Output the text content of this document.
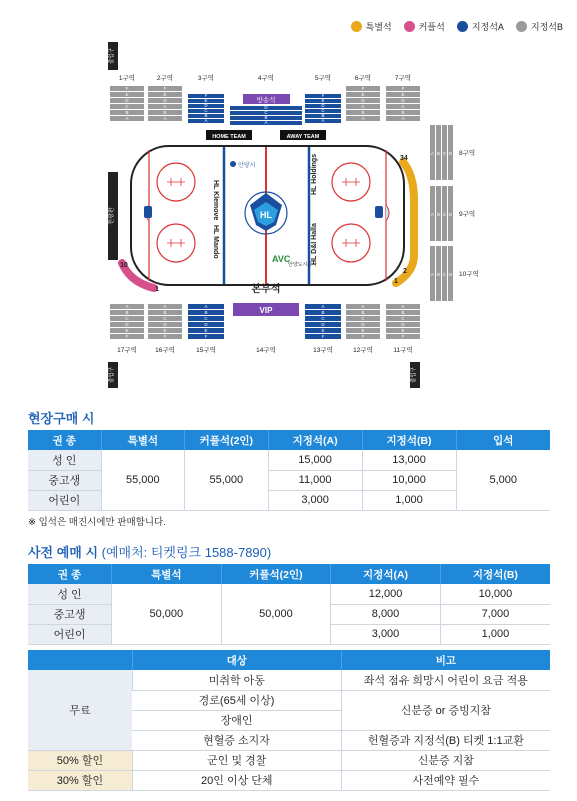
특별석	커플석	지정석A	지정석B
F
E
D
C
B
A
F
E
D
C
B
A
F
E
D
C
B
A
D
C
B
A
F
E
D
C
B
A
F
E
D
C
B
A
F
E
D
C
B
A
A
B
C
D
E
F
A
B
C
D
E
F
A
B
C
D
E
F
A
B
C
D
E
F
A
B
C
D
E
F
A
B
C
D
E
F
A B C D
A B C D
A B C D
출입구
출입구	출입구
전광판
방송석
HOME TEAM	AWAY TEAM
HL
HL Klemove
HL Mando
HL Holdings
HL D&I Halla
안양시
AVC
안양도시공사
34
2
1
10
1	본부석
VIP
1구역	2구역	3구역	4구역	5구역	6구역	7구역
17구역	16구역	15구역	14구역	13구역	12구역	11구역
8구역
9구역
10구역
현장구매 시
권 종	특별석	커플석(2인)	지정석(A)	지정석(B)	입석
성 인	55,000	55,000	15,000	13,000	5,000
중고생			11,000	10,000	
어린이			3,000	1,000	
※ 입석은 매진시에만 판매합니다.
사전 예매 시 (예매처: 티켓링크 1588-7890)
권 종	특별석	커플석(2인)	지정석(A)	지정석(B)
성 인	50,000	50,000	12,000	10,000
중고생			8,000	7,000
어린이			3,000	1,000
	대상	비고
무료	미취학 아동	좌석 점유 희망시 어린이 요금 적용
	경로(65세 이상)	신분증 or 증빙지참
	장애인	
	현혈증 소지자	헌혈증과 지정석(B) 티켓 1:1교환
50% 할인	군인 및 경찰	신분증 지참
30% 할인	20인 이상 단체	사전예약 필수
